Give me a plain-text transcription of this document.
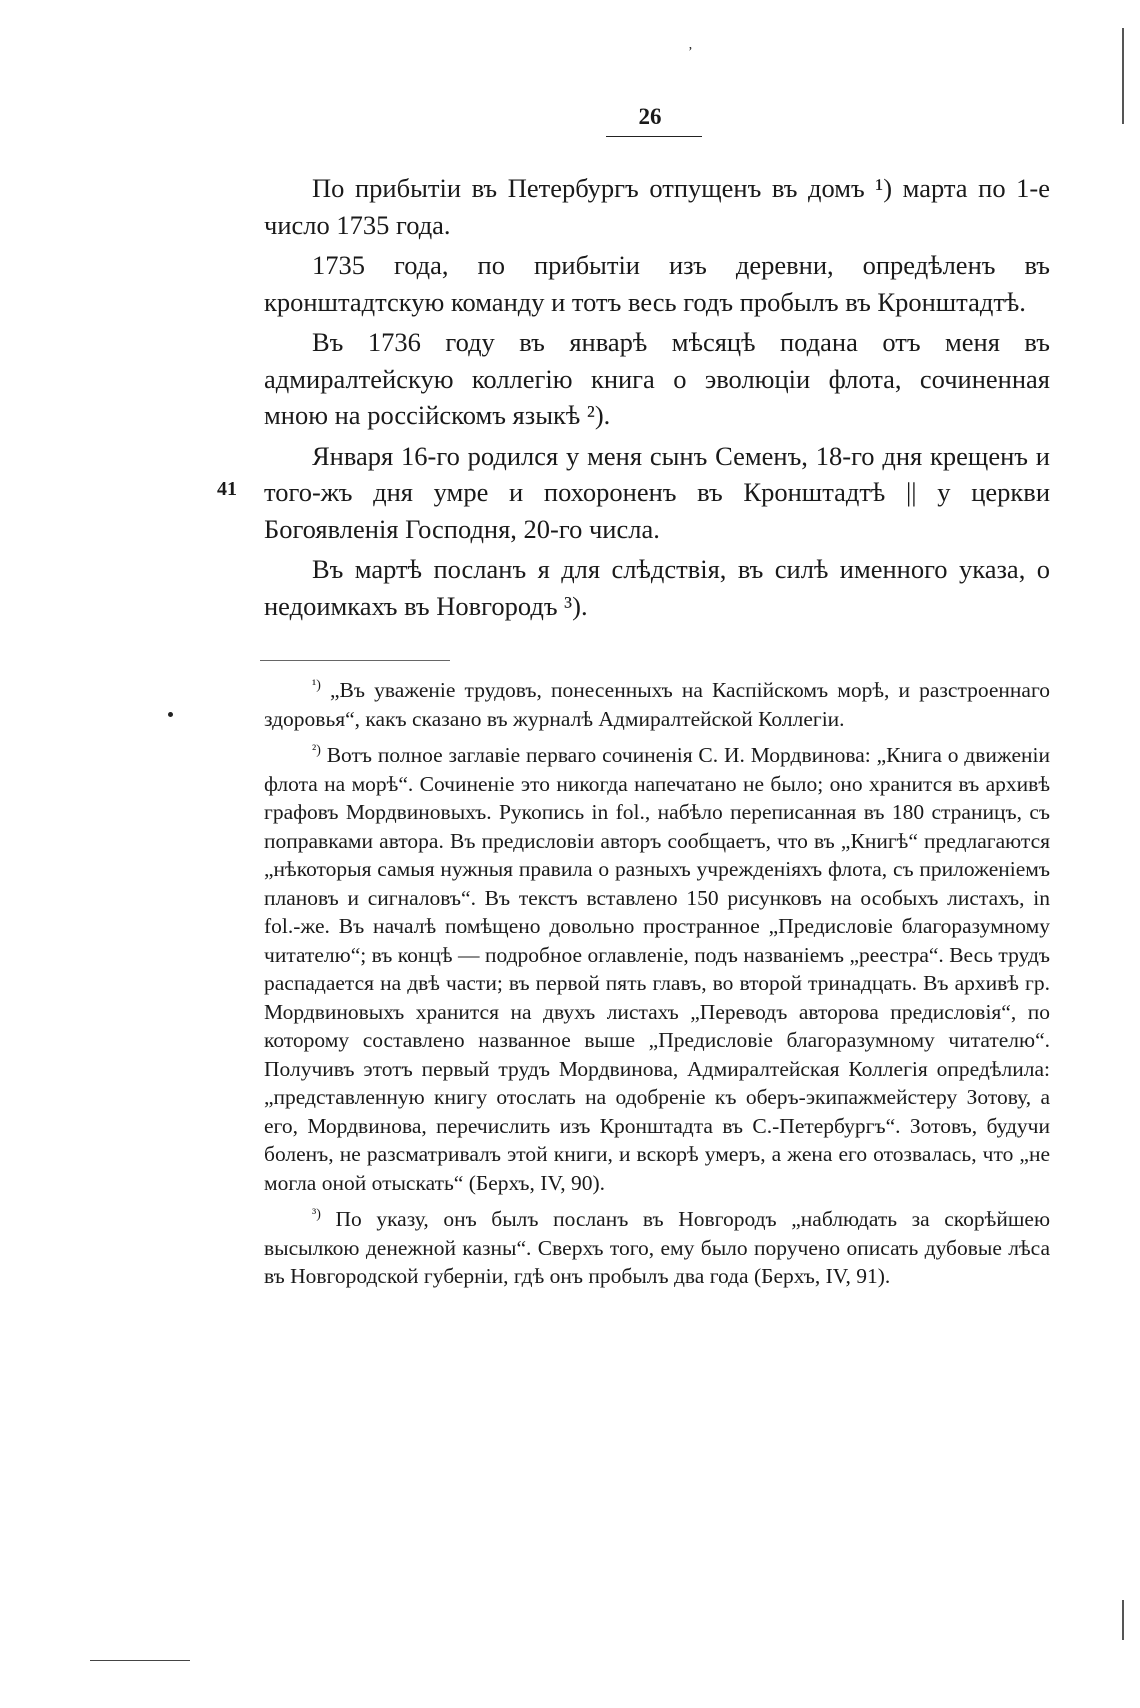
ʼ
26
41

По прибытіи въ Петербургъ отпущенъ въ домъ ¹) марта по 1-е число 1735 года.

1735 года, по прибытіи изъ деревни, опредѣленъ въ кронштадтскую команду и тотъ весь годъ пробылъ въ Кронштадтѣ.

Въ 1736 году въ январѣ мѣсяцѣ подана отъ меня въ адмиралтейскую коллегію книга о эволюціи флота, сочиненная мною на россійскомъ языкѣ ²).

Января 16-го родился у меня сынъ Семенъ, 18-го дня крещенъ и того-жъ дня умре и похороненъ въ Кронштадтѣ || у церкви Богоявленія Господня, 20-го числа.

Въ мартѣ посланъ я для слѣдствія, въ силѣ именного указа, о недоимкахъ въ Новгородъ ³).

$^{^1)}$ „Въ уваженіе трудовъ, понесенныхъ на Каспійскомъ морѣ, и разстроеннаго здоровья“, какъ сказано въ журналѣ Адмиралтейской Коллегіи.

$^{^2)}$ Вотъ полное заглавіе перваго сочиненія С. И. Мордвинова: „Книга о движеніи флота на морѣ“. Сочиненіе это никогда напечатано не было; оно хранится въ архивѣ графовъ Мордвиновыхъ. Рукопись in fol., набѣло переписанная въ 180 страницъ, съ поправками автора. Въ предисловіи авторъ сообщаетъ, что въ „Книгѣ“ предлагаются „нѣкоторыя самыя нужныя правила о разныхъ учрежденіяхъ флота, съ приложеніемъ плановъ и сигналовъ“. Въ текстъ вставлено 150 рисунковъ на особыхъ листахъ, in fol.-же. Въ началѣ помѣщено довольно пространное „Предисловіе благоразумному читателю“; въ концѣ — подробное оглавленіе, подъ названіемъ „реестра“. Весь трудъ распадается на двѣ части; въ первой пять главъ, во второй тринадцать. Въ архивѣ гр. Мордвиновыхъ хранится на двухъ листахъ „Переводъ авторова предисловія“, по которому составлено названное выше „Предисловіе благоразумному читателю“. Получивъ этотъ первый трудъ Мордвинова, Адмиралтейская Коллегія опредѣлила: „представленную книгу отослать на одобреніе къ оберъ-экипажмейстеру Зотову, а его, Мордвинова, перечислить изъ Кронштадта въ С.-Петербургъ“. Зотовъ, будучи боленъ, не разсматривалъ этой книги, и вскорѣ умеръ, а жена его отозвалась, что „не могла оной отыскать“ (Берхъ, IV, 90).

$^{^3)}$ По указу, онъ былъ посланъ въ Новгородъ „наблюдать за скорѣйшею высылкою денежной казны“. Сверхъ того, ему было поручено описать дубовые лѣса въ Новгородской губерніи, гдѣ онъ пробылъ два года (Берхъ, IV, 91).
